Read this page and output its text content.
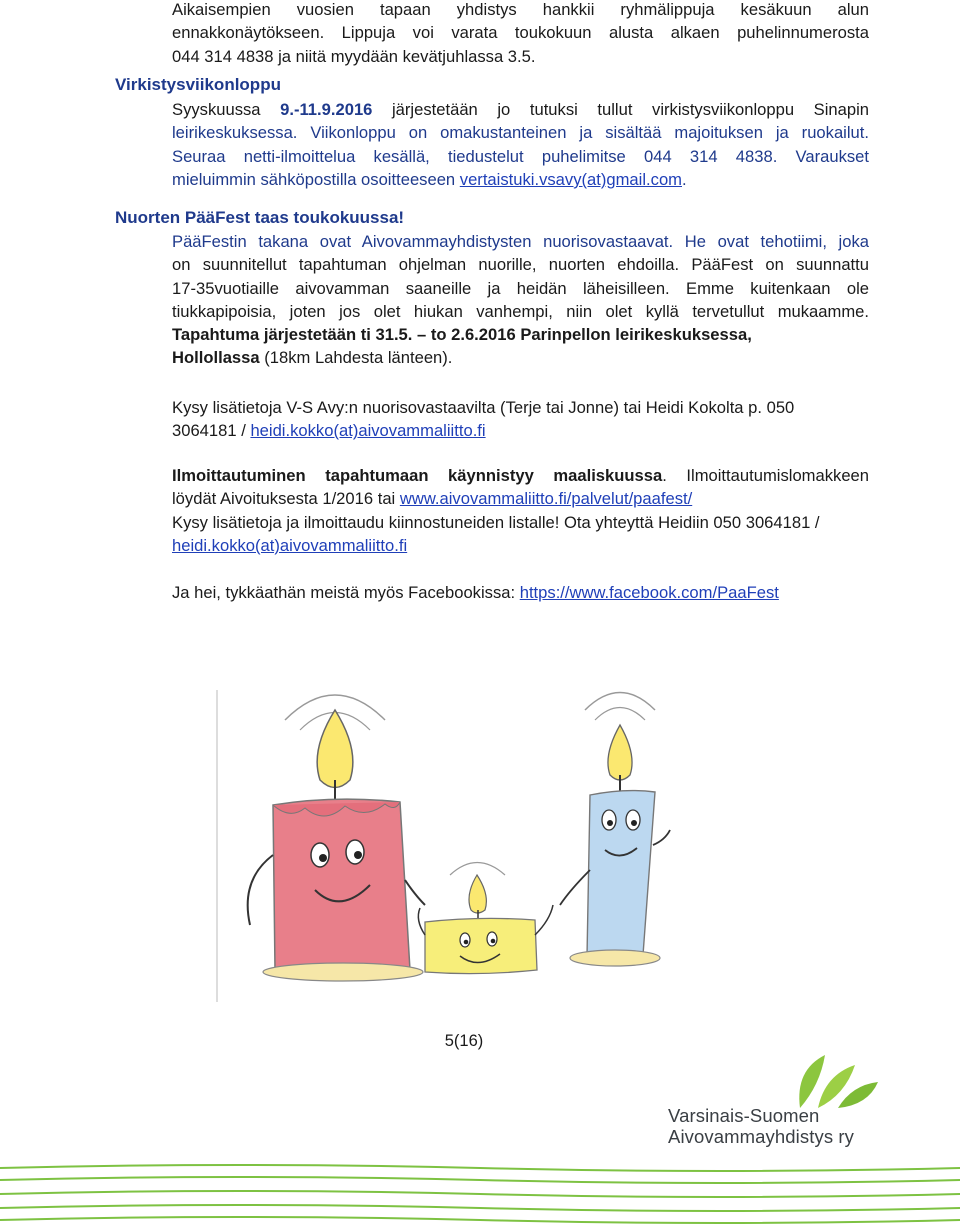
Aikaisempien vuosien tapaan yhdistys hankkii ryhmälippuja kesäkuun alun

ennakkonäytökseen. Lippuja voi varata toukokuun alusta alkaen puhelinnumerosta

044 314 4838 ja niitä myydään kevätjuhlassa 3.5.

Virkistysviikonloppu

Syyskuussa 9.-11.9.2016 järjestetään jo tutuksi tullut virkistysviikonloppu Sinapin

leirikeskuksessa. Viikonloppu on omakustanteinen ja sisältää majoituksen ja ruokailut.

Seuraa netti-ilmoittelua kesällä, tiedustelut puhelimitse 044 314 4838. Varaukset

mieluimmin sähköpostilla osoitteeseen vertaistuki.vsavy(at)gmail.com.

Nuorten PääFest taas toukokuussa!

PääFestin takana ovat Aivovammayhdistysten nuorisovastaavat. He ovat tehotiimi, joka

on suunnitellut tapahtuman ohjelman nuorille, nuorten ehdoilla. PääFest on suunnattu

17-35vuotiaille aivovamman saaneille ja heidän läheisilleen. Emme kuitenkaan ole

tiukkapipoisia, joten jos olet hiukan vanhempi, niin olet kyllä tervetullut mukaamme.

Tapahtuma järjestetään ti 31.5. – to 2.6.2016 Parinpellon leirikeskuksessa,

Hollollassa (18km Lahdesta länteen).

Kysy lisätietoja V-S Avy:n nuorisovastaavilta (Terje tai Jonne) tai Heidi Kokolta p. 050

3064181 / heidi.kokko(at)aivovammaliitto.fi

Ilmoittautuminen tapahtumaan käynnistyy maaliskuussa. Ilmoittautumislomakkeen

löydät Aivoituksesta 1/2016 tai www.aivovammaliitto.fi/palvelut/paafest/

Kysy lisätietoja ja ilmoittaudu kiinnostuneiden listalle! Ota yhteyttä Heidiin 050 3064181 /

heidi.kokko(at)aivovammaliitto.fi

Ja hei, tykkäathän meistä myös Facebookissa: https://www.facebook.com/PaaFest

5(16)
Varsinais-Suomen
Aivovammayhdistys ry
